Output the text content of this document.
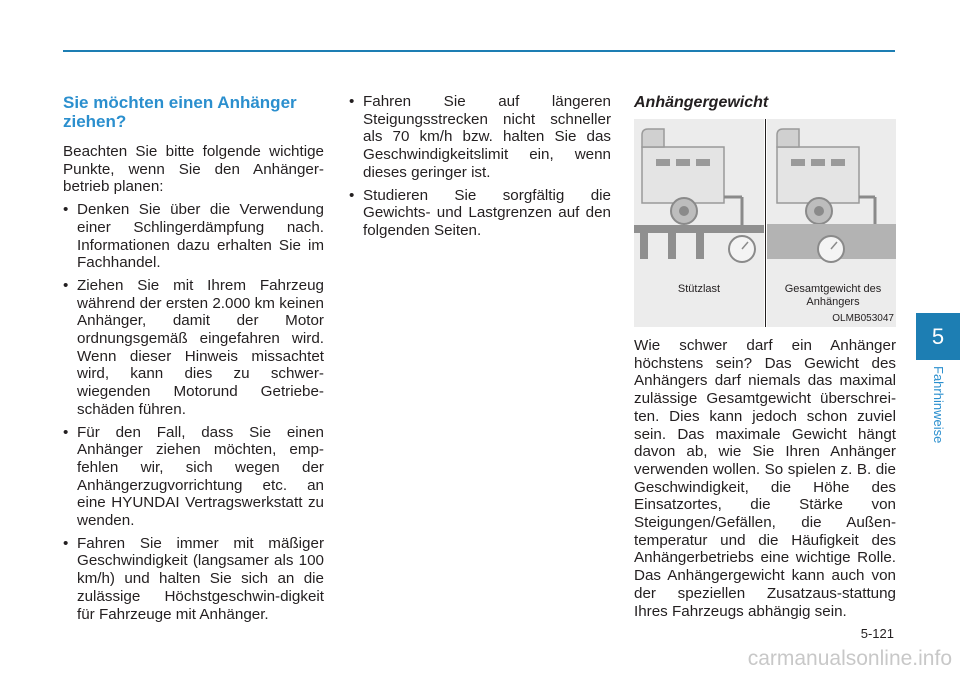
Sie möchten einen Anhänger ziehen?

Beachten Sie bitte folgende wichtige Punkte, wenn Sie den Anhänger-betrieb planen:

• Denken Sie über die Verwendung einer Schlingerdämpfung nach. Informationen dazu erhalten Sie im Fachhandel.
• Ziehen Sie mit Ihrem Fahrzeug während der ersten 2.000 km keinen Anhänger, damit der Motor ordnungsgemäß eingefahren wird. Wenn dieser Hinweis missachtet wird, kann dies zu schwer-wiegenden Motorund Getriebe-schäden führen.
• Für den Fall, dass Sie einen Anhänger ziehen möchten, emp-fehlen wir, sich wegen der Anhängerzugvorrichtung etc. an eine HYUNDAI Vertragswerkstatt zu wenden.
• Fahren Sie immer mit mäßiger Geschwindigkeit (langsamer als 100 km/h) und halten Sie sich an die zulässige Höchstgeschwin-digkeit für Fahrzeuge mit Anhänger.
• Fahren Sie auf längeren Steigungsstrecken nicht schneller als 70 km/h bzw. halten Sie das Geschwindigkeitslimit ein, wenn dieses geringer ist.
• Studieren Sie sorgfältig die Gewichts- und Lastgrenzen auf den folgenden Seiten.
Anhängergewicht
Stützlast	Gesamtgewicht des Anhängers
OLMB053047

Wie schwer darf ein Anhänger höchstens sein? Das Gewicht des Anhängers darf niemals das maximal zulässige Gesamtgewicht überschrei-ten. Dies kann jedoch schon zuviel sein. Das maximale Gewicht hängt davon ab, wie Sie Ihren Anhänger verwenden wollen. So spielen z. B. die Geschwindigkeit, die Höhe des Einsatzortes, die Stärke von Steigungen/Gefällen, die Außen-temperatur und die Häufigkeit des Anhängerbetriebs eine wichtige Rolle. Das Anhängergewicht kann auch von der speziellen Zusatzaus-stattung Ihres Fahrzeugs abhängig sein.

5
Fahrhinweise
5-121
carmanualsonline.info
